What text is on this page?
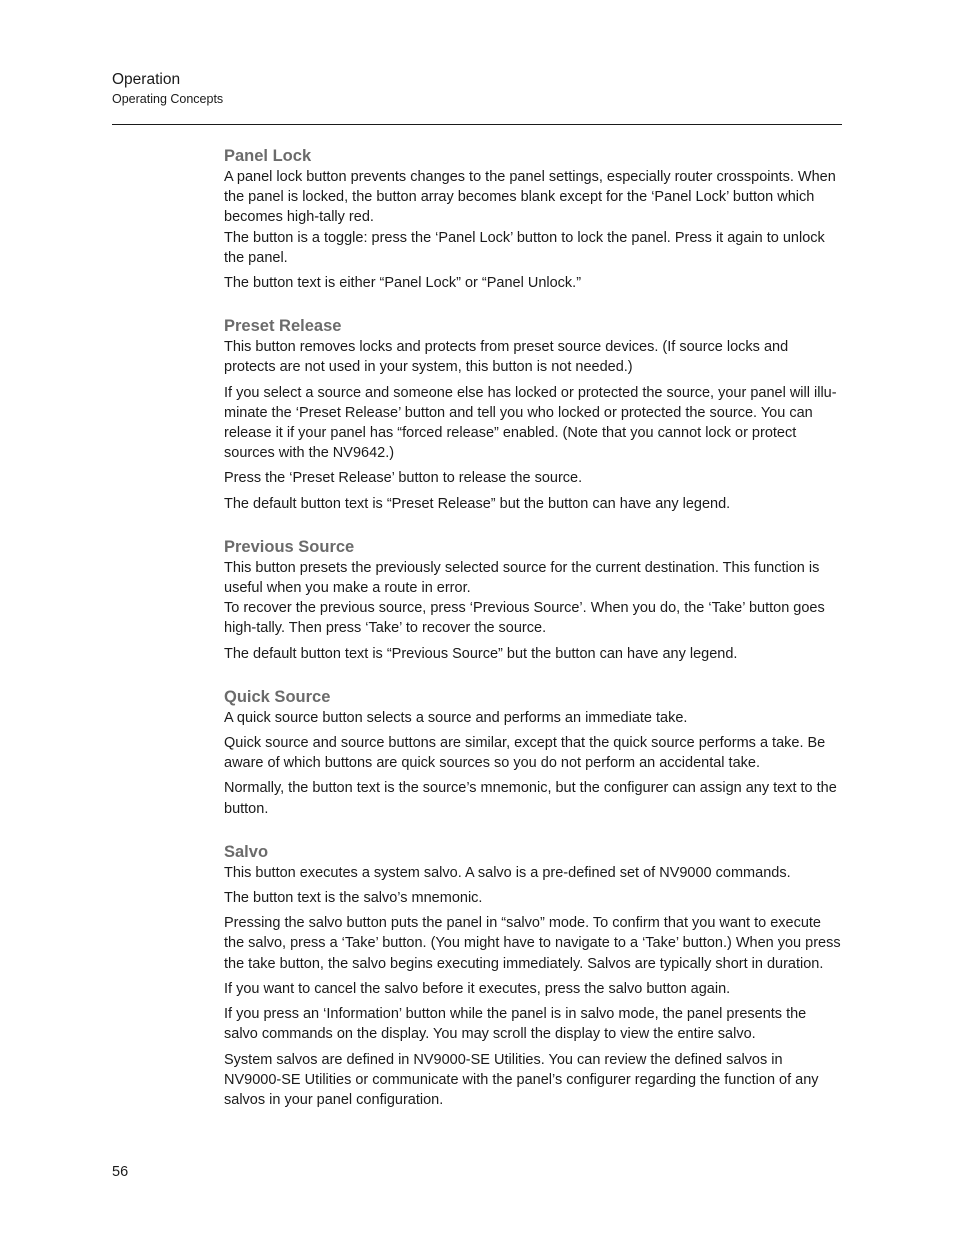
Operation
Operating Concepts
Panel Lock

A panel lock button prevents changes to the panel settings, especially router crosspoints. When the panel is locked, the button array becomes blank except for the ‘Panel Lock’ button which becomes high-tally red.

The button is a toggle: press the ‘Panel Lock’ button to lock the panel. Press it again to unlock the panel.

The button text is either “Panel Lock” or “Panel Unlock.”

Preset Release

This button removes locks and protects from preset source devices. (If source locks and protects are not used in your system, this button is not needed.)

If you select a source and someone else has locked or protected the source, your panel will illu-minate the ‘Preset Release’ button and tell you who locked or protected the source. You can release it if your panel has “forced release” enabled. (Note that you cannot lock or protect sources with the NV9642.)

Press the ‘Preset Release’ button to release the source.

The default button text is “Preset Release” but the button can have any legend.

Previous Source

This button presets the previously selected source for the current destination. This function is useful when you make a route in error.

To recover the previous source, press ‘Previous Source’. When you do, the ‘Take’ button goes high-tally. Then press ‘Take’ to recover the source.

The default button text is “Previous Source” but the button can have any legend.

Quick Source

A quick source button selects a source and performs an immediate take.

Quick source and source buttons are similar, except that the quick source performs a take. Be aware of which buttons are quick sources so you do not perform an accidental take.

Normally, the button text is the source’s mnemonic, but the configurer can assign any text to the button.

Salvo

This button executes a system salvo. A salvo is a pre-defined set of NV9000 commands.

The button text is the salvo’s mnemonic.

Pressing the salvo button puts the panel in “salvo” mode. To confirm that you want to execute the salvo, press a ‘Take’ button. (You might have to navigate to a ‘Take’ button.) When you press the take button, the salvo begins executing immediately. Salvos are typically short in duration.

If you want to cancel the salvo before it executes, press the salvo button again.

If you press an ‘Information’ button while the panel is in salvo mode, the panel presents the salvo commands on the display. You may scroll the display to view the entire salvo.

System salvos are defined in NV9000-SE Utilities. You can review the defined salvos in NV9000-SE Utilities or communicate with the panel’s configurer regarding the function of any salvos in your panel configuration.

56
